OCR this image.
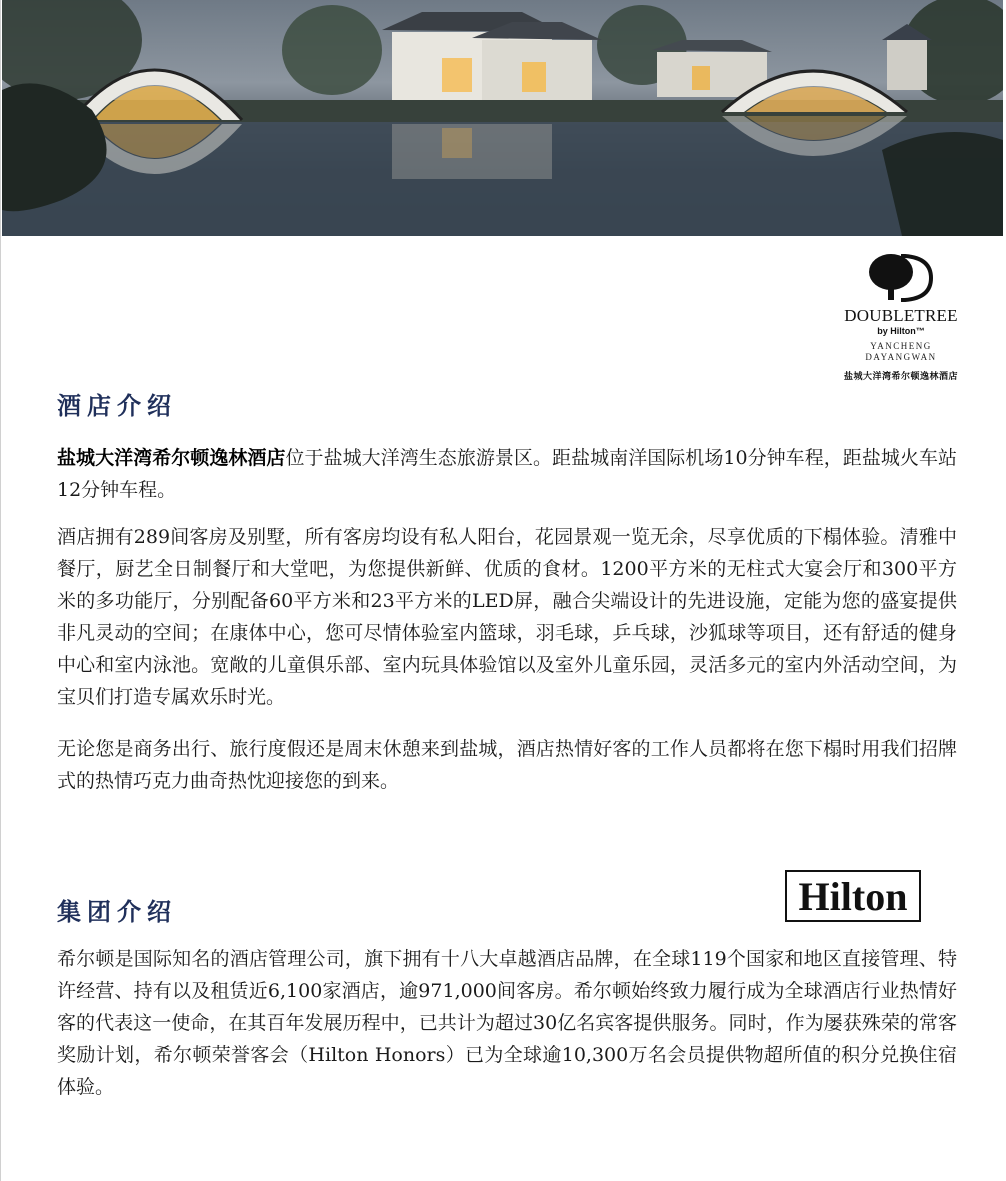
DOUBLETREE
by Hilton™
YANCHENG
DAYANGWAN
盐城大洋湾希尔顿逸林酒店
酒店介绍

盐城大洋湾希尔顿逸林酒店位于盐城大洋湾生态旅游景区。距盐城南洋国际机场10分钟车程，距盐城火车站12分钟车程。

酒店拥有289间客房及别墅，所有客房均设有私人阳台，花园景观一览无余，尽享优质的下榻体验。清雅中餐厅，厨艺全日制餐厅和大堂吧，为您提供新鲜、优质的食材。1200平方米的无柱式大宴会厅和300平方米的多功能厅，分别配备60平方米和23平方米的LED屏，融合尖端设计的先进设施，定能为您的盛宴提供非凡灵动的空间；在康体中心，您可尽情体验室内篮球，羽毛球，乒乓球，沙狐球等项目，还有舒适的健身中心和室内泳池。宽敞的儿童俱乐部、室内玩具体验馆以及室外儿童乐园，灵活多元的室内外活动空间，为宝贝们打造专属欢乐时光。

无论您是商务出行、旅行度假还是周末休憩来到盐城，酒店热情好客的工作人员都将在您下榻时用我们招牌式的热情巧克力曲奇热忱迎接您的到来。

集团介绍	Hilton

希尔顿是国际知名的酒店管理公司，旗下拥有十八大卓越酒店品牌，在全球119个国家和地区直接管理、特许经营、持有以及租赁近6,100家酒店，逾971,000间客房。希尔顿始终致力履行成为全球酒店行业热情好客的代表这一使命，在其百年发展历程中，已共计为超过30亿名宾客提供服务。同时，作为屡获殊荣的常客奖励计划，希尔顿荣誉客会（Hilton Honors）已为全球逾10,300万名会员提供物超所值的积分兑换住宿体验。
